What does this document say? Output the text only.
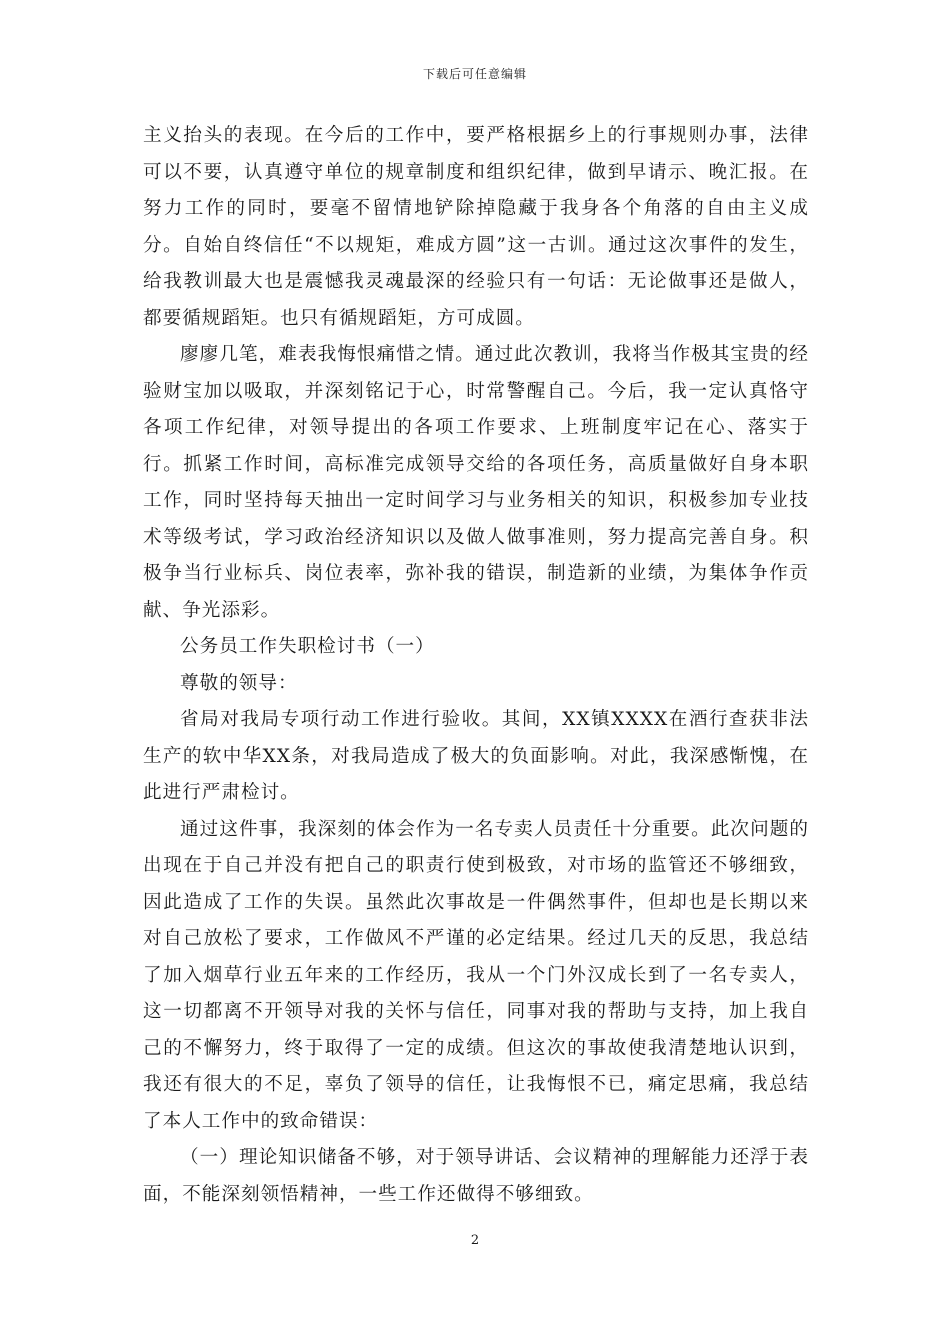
下载后可任意编辑

主义抬头的表现。在今后的工作中，要严格根据乡上的行事规则办事，法律可以不要，认真遵守单位的规章制度和组织纪律，做到早请示、晚汇报。在努力工作的同时，要毫不留情地铲除掉隐藏于我身各个角落的自由主义成分。自始自终信任“不以规矩，难成方圆”这一古训。通过这次事件的发生，给我教训最大也是震憾我灵魂最深的经验只有一句话：无论做事还是做人，都要循规蹈矩。也只有循规蹈矩，方可成圆。

廖廖几笔，难表我悔恨痛惜之情。通过此次教训，我将当作极其宝贵的经验财宝加以吸取，并深刻铭记于心，时常警醒自己。今后，我一定认真恪守各项工作纪律，对领导提出的各项工作要求、上班制度牢记在心、落实于行。抓紧工作时间，高标准完成领导交给的各项任务，高质量做好自身本职工作，同时坚持每天抽出一定时间学习与业务相关的知识，积极参加专业技术等级考试，学习政治经济知识以及做人做事准则，努力提高完善自身。积极争当行业标兵、岗位表率，弥补我的错误，制造新的业绩，为集体争作贡献、争光添彩。

公务员工作失职检讨书（一）

尊敬的领导：

省局对我局专项行动工作进行验收。其间，XX镇XXXX在酒行查获非法生产的软中华XX条，对我局造成了极大的负面影响。对此，我深感惭愧，在此进行严肃检讨。

通过这件事，我深刻的体会作为一名专卖人员责任十分重要。此次问题的出现在于自己并没有把自己的职责行使到极致，对市场的监管还不够细致，因此造成了工作的失误。虽然此次事故是一件偶然事件，但却也是长期以来对自己放松了要求，工作做风不严谨的必定结果。经过几天的反思，我总结了加入烟草行业五年来的工作经历，我从一个门外汉成长到了一名专卖人，这一切都离不开领导对我的关怀与信任，同事对我的帮助与支持，加上我自己的不懈努力，终于取得了一定的成绩。但这次的事故使我清楚地认识到，我还有很大的不足，辜负了领导的信任，让我悔恨不已，痛定思痛，我总结了本人工作中的致命错误：

（一）理论知识储备不够，对于领导讲话、会议精神的理解能力还浮于表面，不能深刻领悟精神，一些工作还做得不够细致。

2
